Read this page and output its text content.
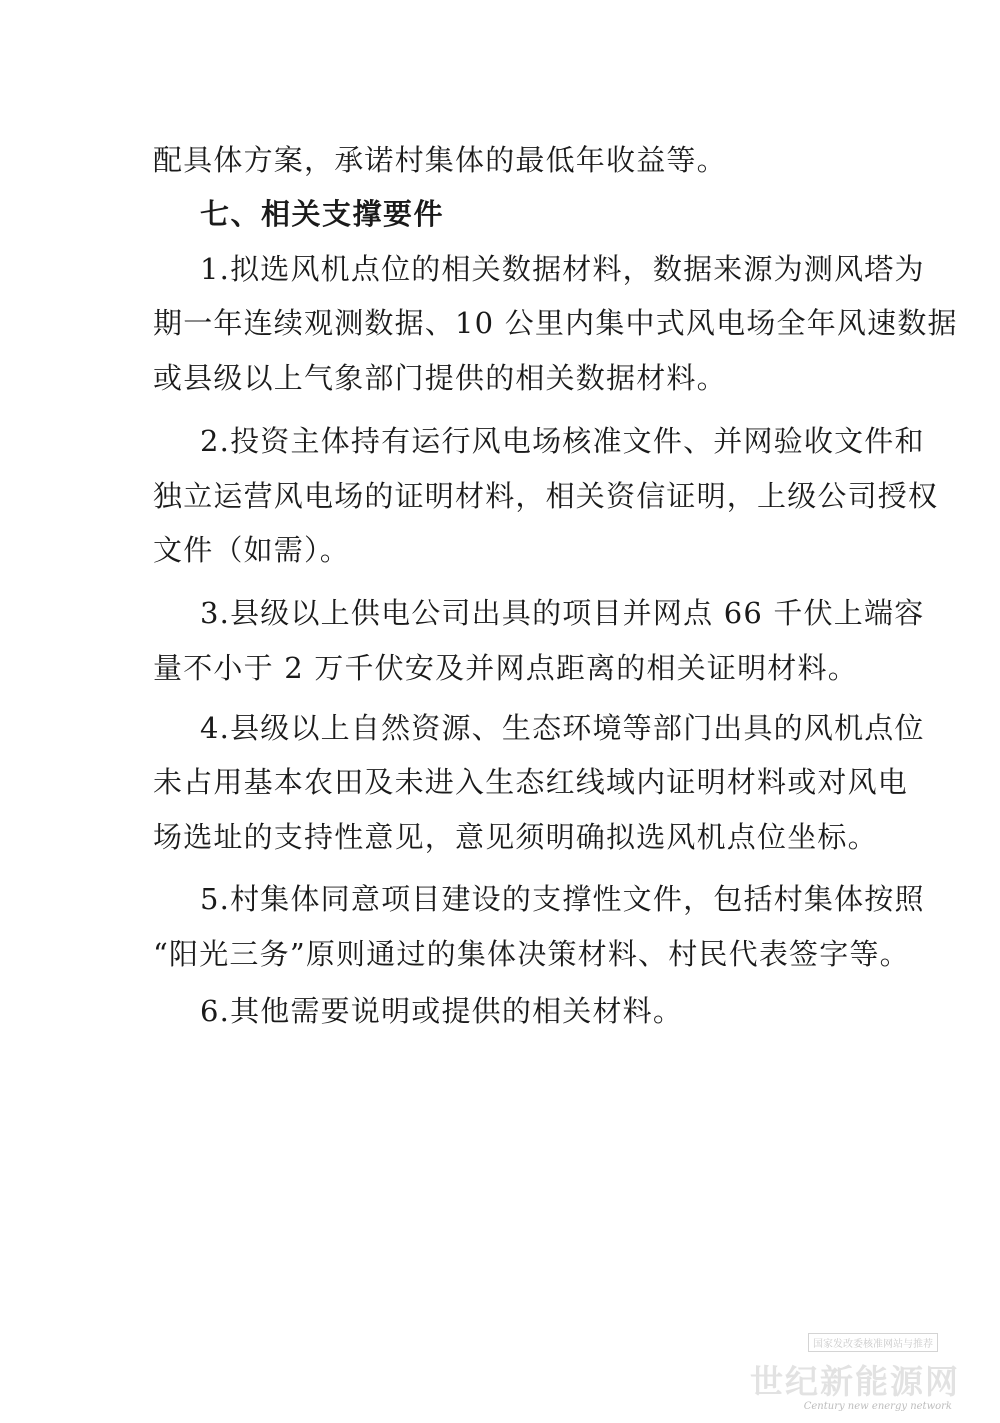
配具体方案，承诺村集体的最低年收益等。
七、相关支撑要件
1.拟选风机点位的相关数据材料，数据来源为测风塔为
期一年连续观测数据、10 公里内集中式风电场全年风速数据
或县级以上气象部门提供的相关数据材料。
2.投资主体持有运行风电场核准文件、并网验收文件和
独立运营风电场的证明材料，相关资信证明，上级公司授权
文件（如需）。
3.县级以上供电公司出具的项目并网点 66 千伏上端容
量不小于 2 万千伏安及并网点距离的相关证明材料。
4.县级以上自然资源、生态环境等部门出具的风机点位
未占用基本农田及未进入生态红线域内证明材料或对风电
场选址的支持性意见，意见须明确拟选风机点位坐标。
5.村集体同意项目建设的支撑性文件，包括村集体按照
“阳光三务”原则通过的集体决策材料、村民代表签字等。
6.其他需要说明或提供的相关材料。
国家发改委核准网站与推荐
世纪新能源网
Century new energy network
